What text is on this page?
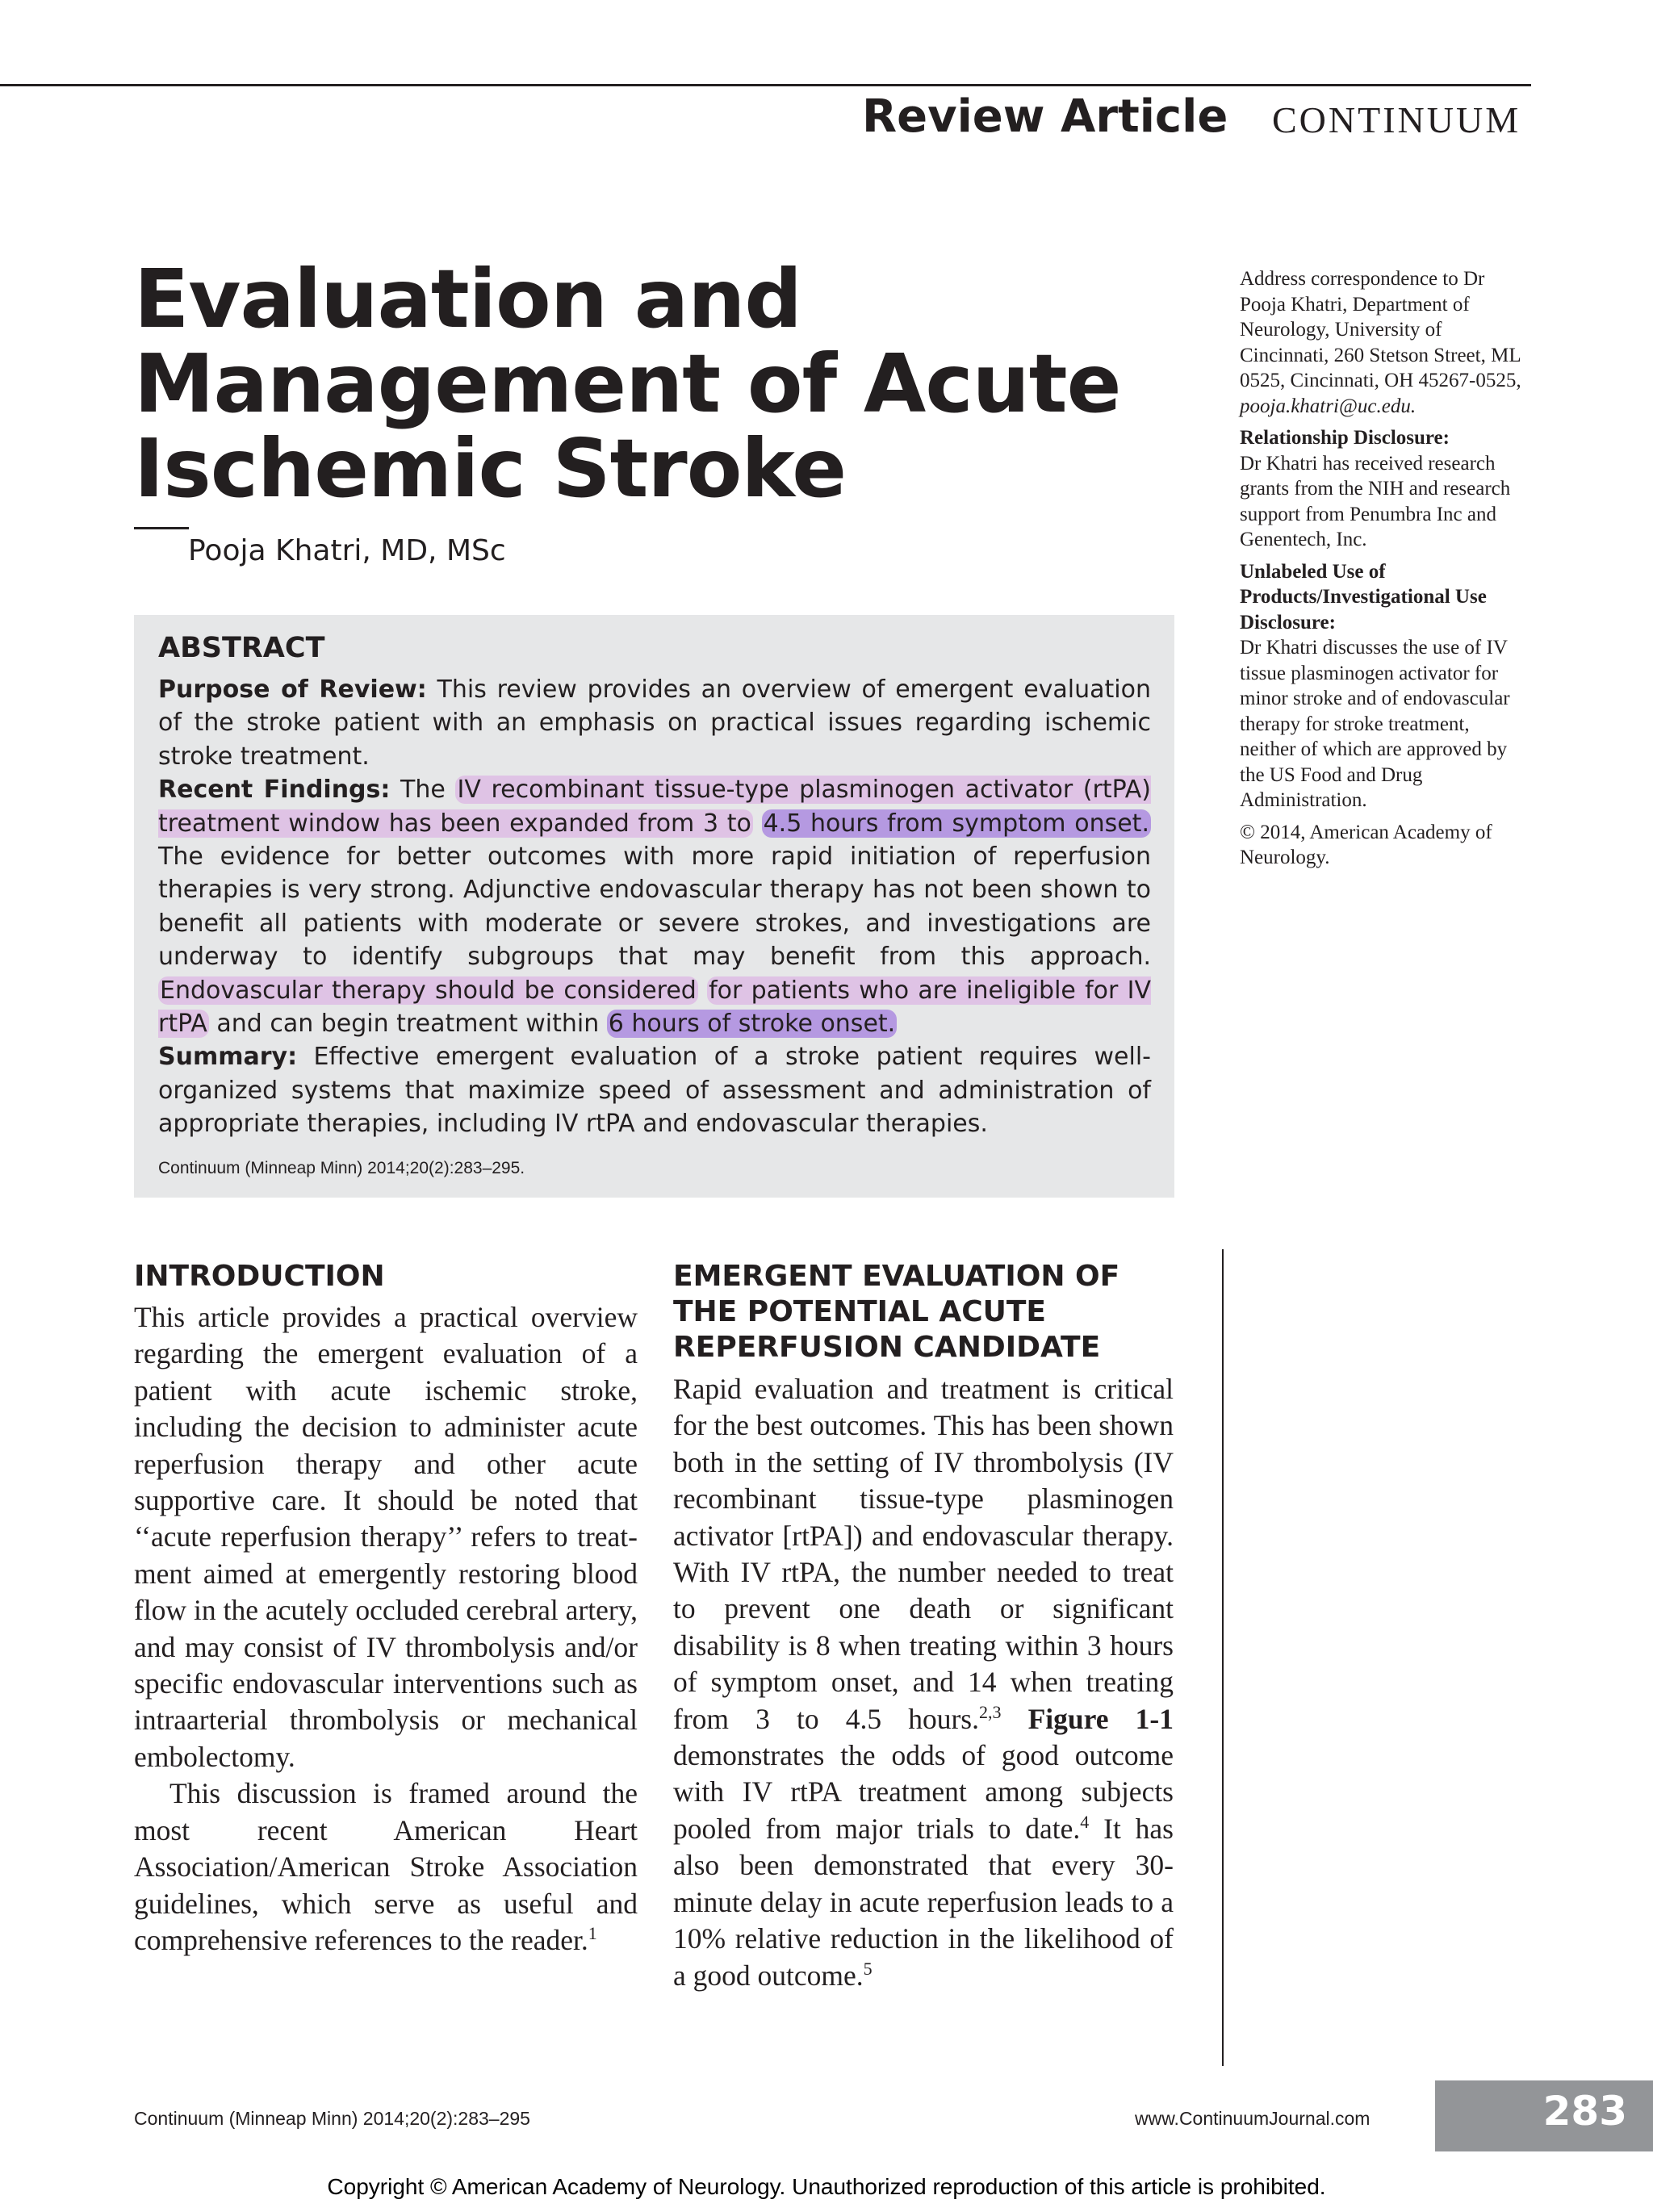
Review Article CONTINUUM
Evaluation and Management of Acute Ischemic Stroke
Pooja Khatri, MD, MSc
ABSTRACT

Purpose of Review: This review provides an overview of emergent evaluation of the stroke patient with an emphasis on practical issues regarding ischemic stroke treatment.

Recent Findings: The IV recombinant tissue-type plasminogen activator (rtPA) treatment window has been expanded from 3 to 4.5 hours from symptom onset. The evidence for better outcomes with more rapid initiation of reperfusion therapies is very strong. Adjunctive endovascular therapy has not been shown to benefit all patients with moderate or severe strokes, and investigations are underway to identify subgroups that may benefit from this approach. Endovascular therapy should be considered for patients who are ineligible for IV rtPA and can begin treatment within 6 hours of stroke onset.

Summary: Effective emergent evaluation of a stroke patient requires well-organized systems that maximize speed of assessment and administration of appropriate therapies, including IV rtPA and endovascular therapies.

Continuum (Minneap Minn) 2014;20(2):283–295.

Address correspondence to Dr Pooja Khatri, Department of Neurology, University of Cincinnati, 260 Stetson Street, ML 0525, Cincinnati, OH 45267-0525, pooja.khatri@uc.edu.

Relationship Disclosure:
Dr Khatri has received research grants from the NIH and research support from Penumbra Inc and Genentech, Inc.

Unlabeled Use of Products/Investigational Use Disclosure:
Dr Khatri discusses the use of IV tissue plasminogen activator for minor stroke and of endovascular therapy for stroke treatment, neither of which are approved by the US Food and Drug Administration.

© 2014, American Academy of Neurology.

INTRODUCTION

This article provides a practical overview regarding the emergent evaluation of a patient with acute ischemic stroke, including the decision to administer acute reperfusion therapy and other acute supportive care. It should be noted that ‘‘acute reperfusion therapy’’ refers to treatment aimed at emergently restoring blood flow in the acutely occluded cerebral artery, and may consist of IV thrombolysis and/or specific endovascular interventions such as intraarterial thrombolysis or mechanical embolectomy.

This discussion is framed around the most recent American Heart Association/American Stroke Association guidelines, which serve as useful and comprehensive references to the reader.$^1$

EMERGENT EVALUATION OF THE POTENTIAL ACUTE REPERFUSION CANDIDATE

Rapid evaluation and treatment is critical for the best outcomes. This has been shown both in the setting of IV thrombolysis (IV recombinant tissue-type plasminogen activator [rtPA]) and endovascular therapy. With IV rtPA, the number needed to treat to prevent one death or significant disability is 8 when treating within 3 hours of symptom onset, and 14 when treating from 3 to 4.5 hours.$^{2,3}$ Figure 1-1 demonstrates the odds of good outcome with IV rtPA treatment among subjects pooled from major trials to date.$^4$ It has also been demonstrated that every 30-minute delay in acute reperfusion leads to a 10% relative reduction in the likelihood of a good outcome.$^5$

Continuum (Minneap Minn) 2014;20(2):283–295	www.ContinuumJournal.com	283
Copyright © American Academy of Neurology. Unauthorized reproduction of this article is prohibited.
